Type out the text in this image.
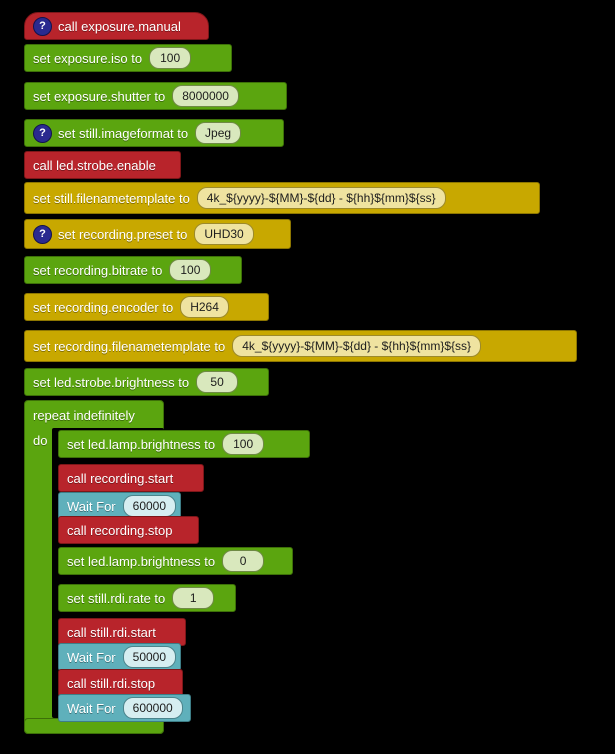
? call exposure.manual
set exposure.iso to	100
set exposure.shutter to	8000000
? set still.imageformat to	Jpeg
call led.strobe.enable
set still.filenametemplate to	4k_${yyyy}-${MM}-${dd} - ${hh}${mm}${ss}
? set recording.preset to	UHD30
set recording.bitrate to	100
set recording.encoder to	H264
set recording.filenametemplate to	4k_${yyyy}-${MM}-${dd} - ${hh}${mm}${ss}
set led.strobe.brightness to	50
repeat indefinitely
do set led.lamp.brightness to	100
call recording.start
Wait For	60000
call recording.stop
set led.lamp.brightness to	0
set still.rdi.rate to	1
call still.rdi.start
Wait For	50000
call still.rdi.stop
Wait For	600000
